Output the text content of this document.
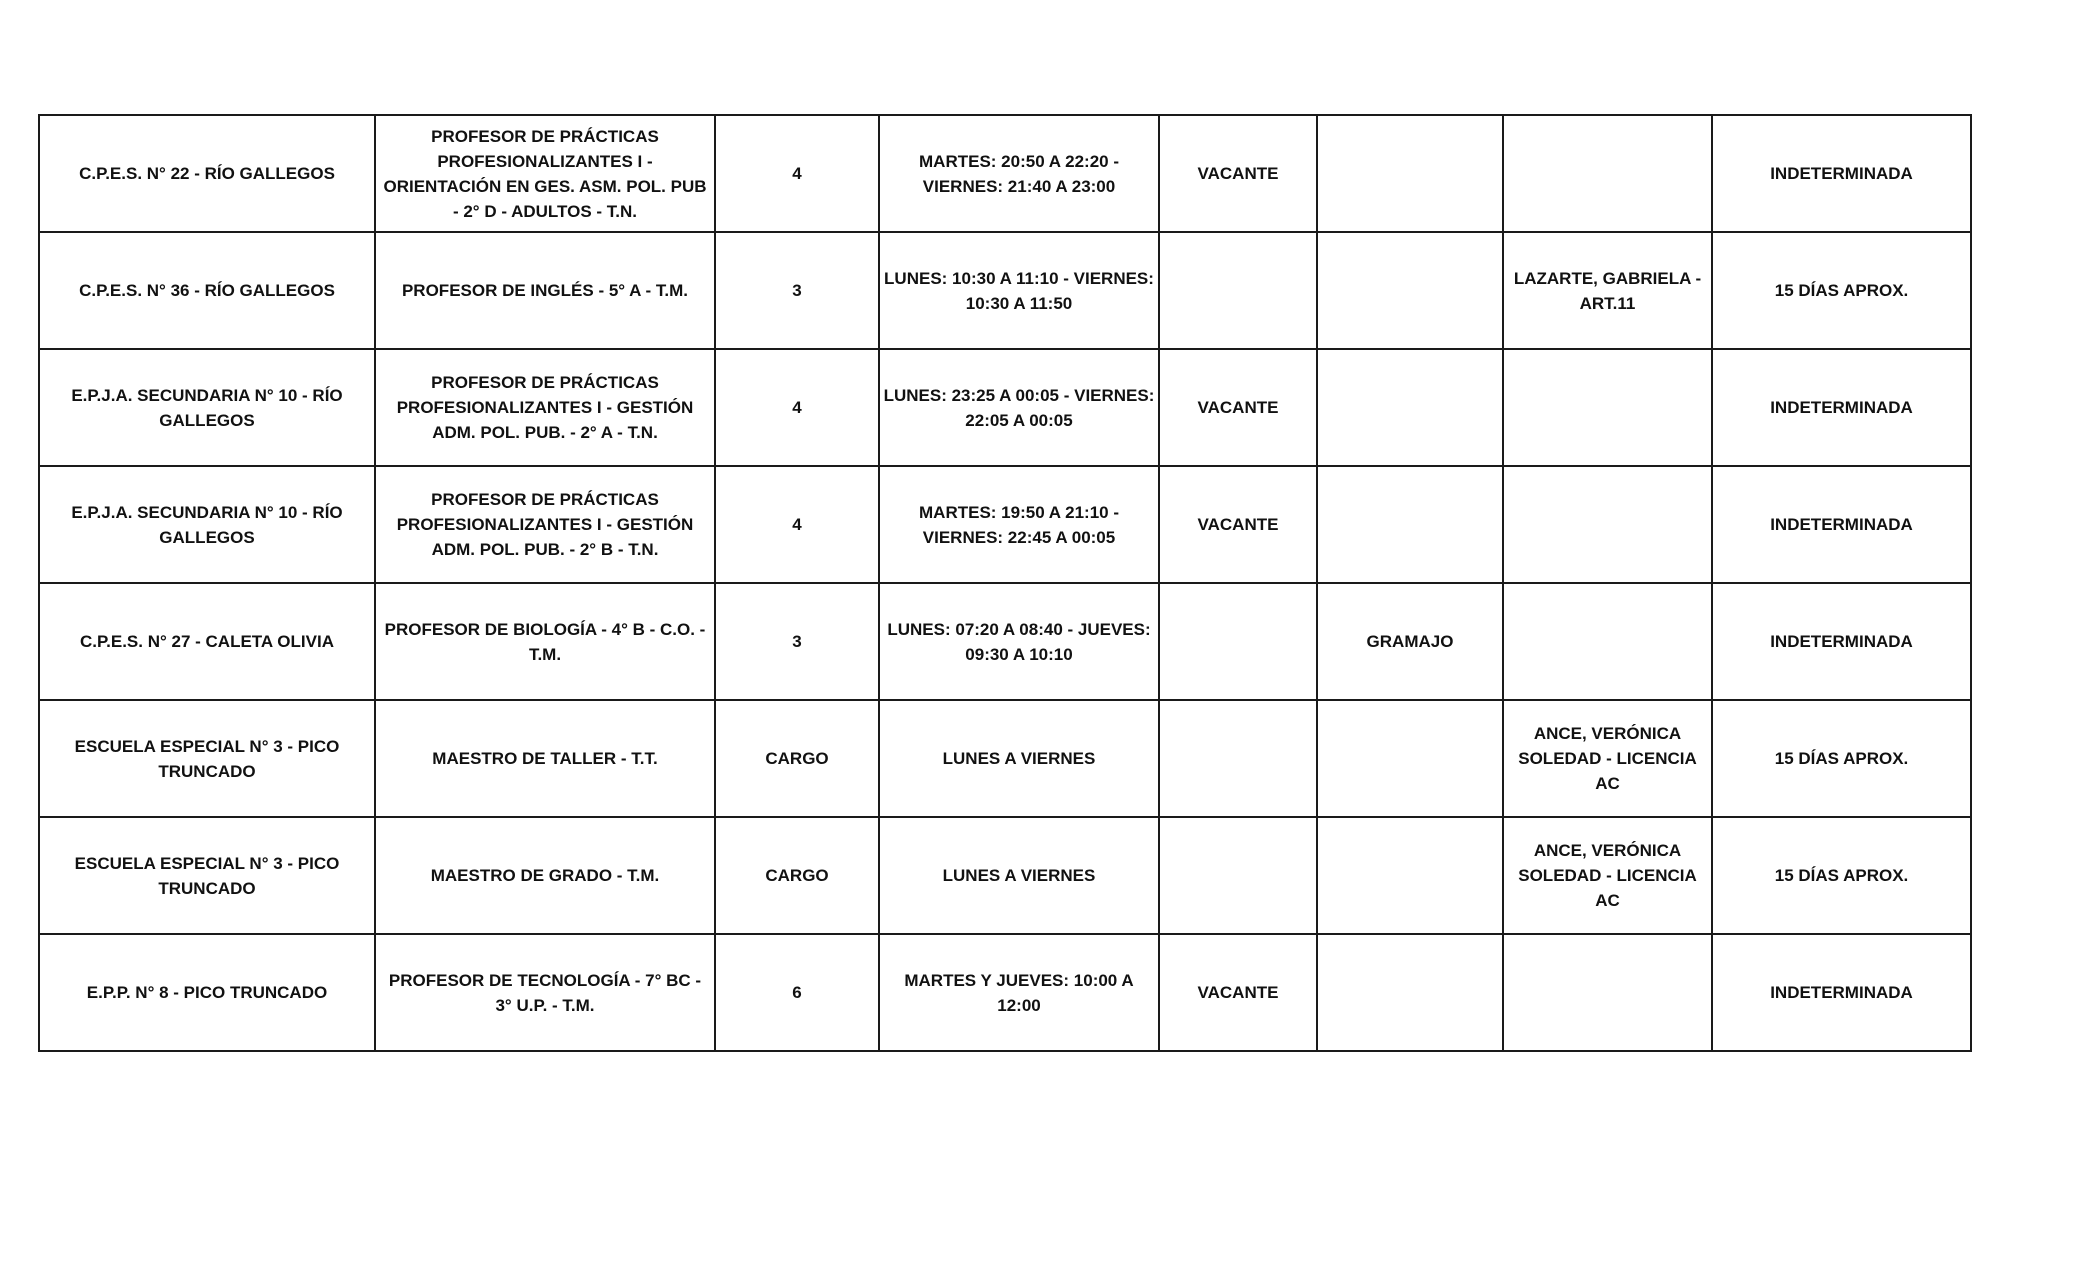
C.P.E.S. N° 22 - RÍO GALLEGOS	PROFESOR DE PRÁCTICAS PROFESIONALIZANTES I - ORIENTACIÓN EN GES. ASM. POL. PUB - 2° D - ADULTOS - T.N.	4	MARTES: 20:50 A 22:20 - VIERNES: 21:40 A 23:00	VACANTE			INDETERMINADA
C.P.E.S. N° 36 - RÍO GALLEGOS	PROFESOR DE INGLÉS - 5° A - T.M.	3	LUNES: 10:30 A 11:10 - VIERNES: 10:30 A 11:50			LAZARTE, GABRIELA - ART.11	15 DÍAS APROX.
E.P.J.A. SECUNDARIA N° 10 - RÍO GALLEGOS	PROFESOR DE PRÁCTICAS PROFESIONALIZANTES I - GESTIÓN ADM. POL. PUB. - 2° A - T.N.	4	LUNES: 23:25 A 00:05 - VIERNES: 22:05 A 00:05	VACANTE			INDETERMINADA
E.P.J.A. SECUNDARIA N° 10 - RÍO GALLEGOS	PROFESOR DE PRÁCTICAS PROFESIONALIZANTES I - GESTIÓN ADM. POL. PUB. - 2° B - T.N.	4	MARTES: 19:50 A 21:10 - VIERNES: 22:45 A 00:05	VACANTE			INDETERMINADA
C.P.E.S. N° 27 - CALETA OLIVIA	PROFESOR DE BIOLOGÍA - 4° B - C.O. - T.M.	3	LUNES: 07:20 A 08:40 - JUEVES: 09:30 A 10:10		GRAMAJO		INDETERMINADA
ESCUELA ESPECIAL N° 3 - PICO TRUNCADO	MAESTRO DE TALLER - T.T.	CARGO	LUNES A VIERNES			ANCE, VERÓNICA SOLEDAD - LICENCIA AC	15 DÍAS APROX.
ESCUELA ESPECIAL N° 3 - PICO TRUNCADO	MAESTRO DE GRADO - T.M.	CARGO	LUNES A VIERNES			ANCE, VERÓNICA SOLEDAD - LICENCIA AC	15 DÍAS APROX.
E.P.P. N° 8 - PICO TRUNCADO	PROFESOR DE TECNOLOGÍA - 7° BC - 3° U.P. - T.M.	6	MARTES Y JUEVES: 10:00 A 12:00	VACANTE			INDETERMINADA
